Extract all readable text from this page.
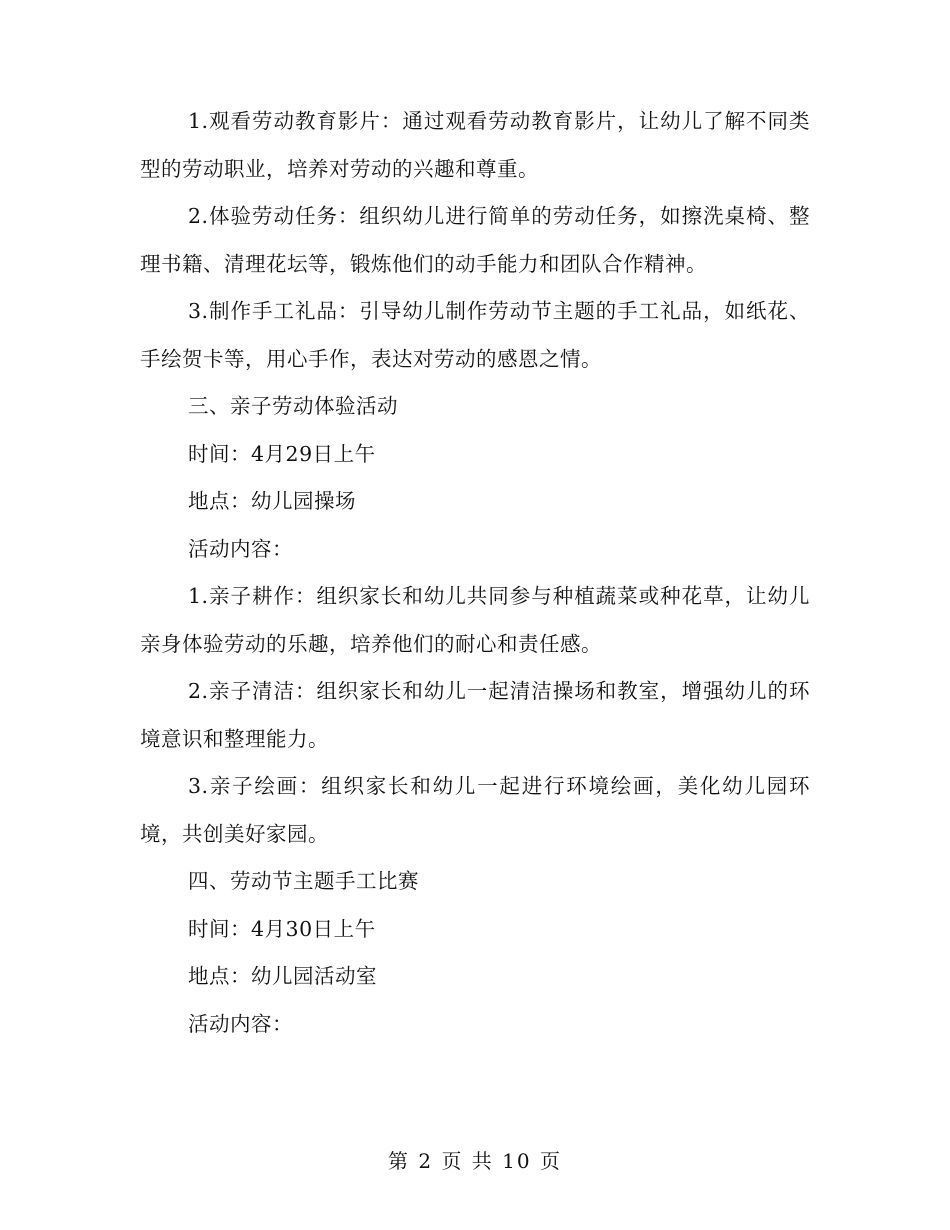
1.观看劳动教育影片：通过观看劳动教育影片，让幼儿了解不同类型的劳动职业，培养对劳动的兴趣和尊重。

2.体验劳动任务：组织幼儿进行简单的劳动任务，如擦洗桌椅、整理书籍、清理花坛等，锻炼他们的动手能力和团队合作精神。

3.制作手工礼品：引导幼儿制作劳动节主题的手工礼品，如纸花、手绘贺卡等，用心手作，表达对劳动的感恩之情。

三、亲子劳动体验活动

时间：4月29日上午

地点：幼儿园操场

活动内容：

1.亲子耕作：组织家长和幼儿共同参与种植蔬菜或种花草，让幼儿亲身体验劳动的乐趣，培养他们的耐心和责任感。

2.亲子清洁：组织家长和幼儿一起清洁操场和教室，增强幼儿的环境意识和整理能力。

3.亲子绘画：组织家长和幼儿一起进行环境绘画，美化幼儿园环境，共创美好家园。

四、劳动节主题手工比赛

时间：4月30日上午

地点：幼儿园活动室

活动内容：

第 2 页 共 10 页
